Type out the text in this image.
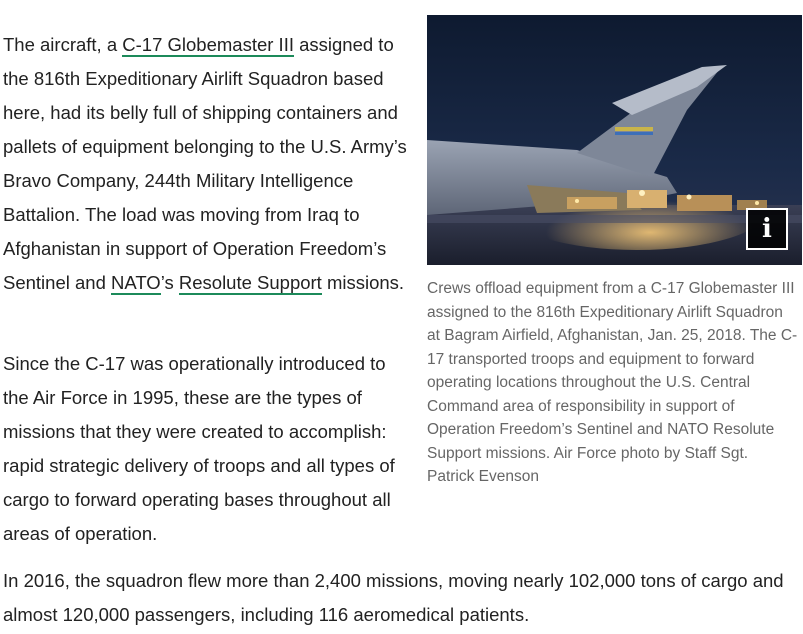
The aircraft, a C-17 Globemaster III assigned to the 816th Expeditionary Airlift Squadron based here, had its belly full of shipping containers and pallets of equipment belonging to the U.S. Army’s Bravo Company, 244th Military Intelligence Battalion. The load was moving from Iraq to Afghanistan in support of Operation Freedom’s Sentinel and NATO’s Resolute Support missions.

Since the C-17 was operationally introduced to the Air Force in 1995, these are the types of missions that they were created to accomplish: rapid strategic delivery of troops and all types of cargo to forward operating bases throughout all areas of operation.

In 2016, the squadron flew more than 2,400 missions, moving nearly 102,000 tons of cargo and almost 120,000 passengers, including 116 aeromedical patients.

i
Crews offload equipment from a C-17 Globemaster III assigned to the 816th Expeditionary Airlift Squadron at Bagram Airfield, Afghanistan, Jan. 25, 2018. The C-17 transported troops and equipment to forward operating locations throughout the U.S. Central Command area of responsibility in support of Operation Freedom’s Sentinel and NATO Resolute Support missions. Air Force photo by Staff Sgt. Patrick Evenson
